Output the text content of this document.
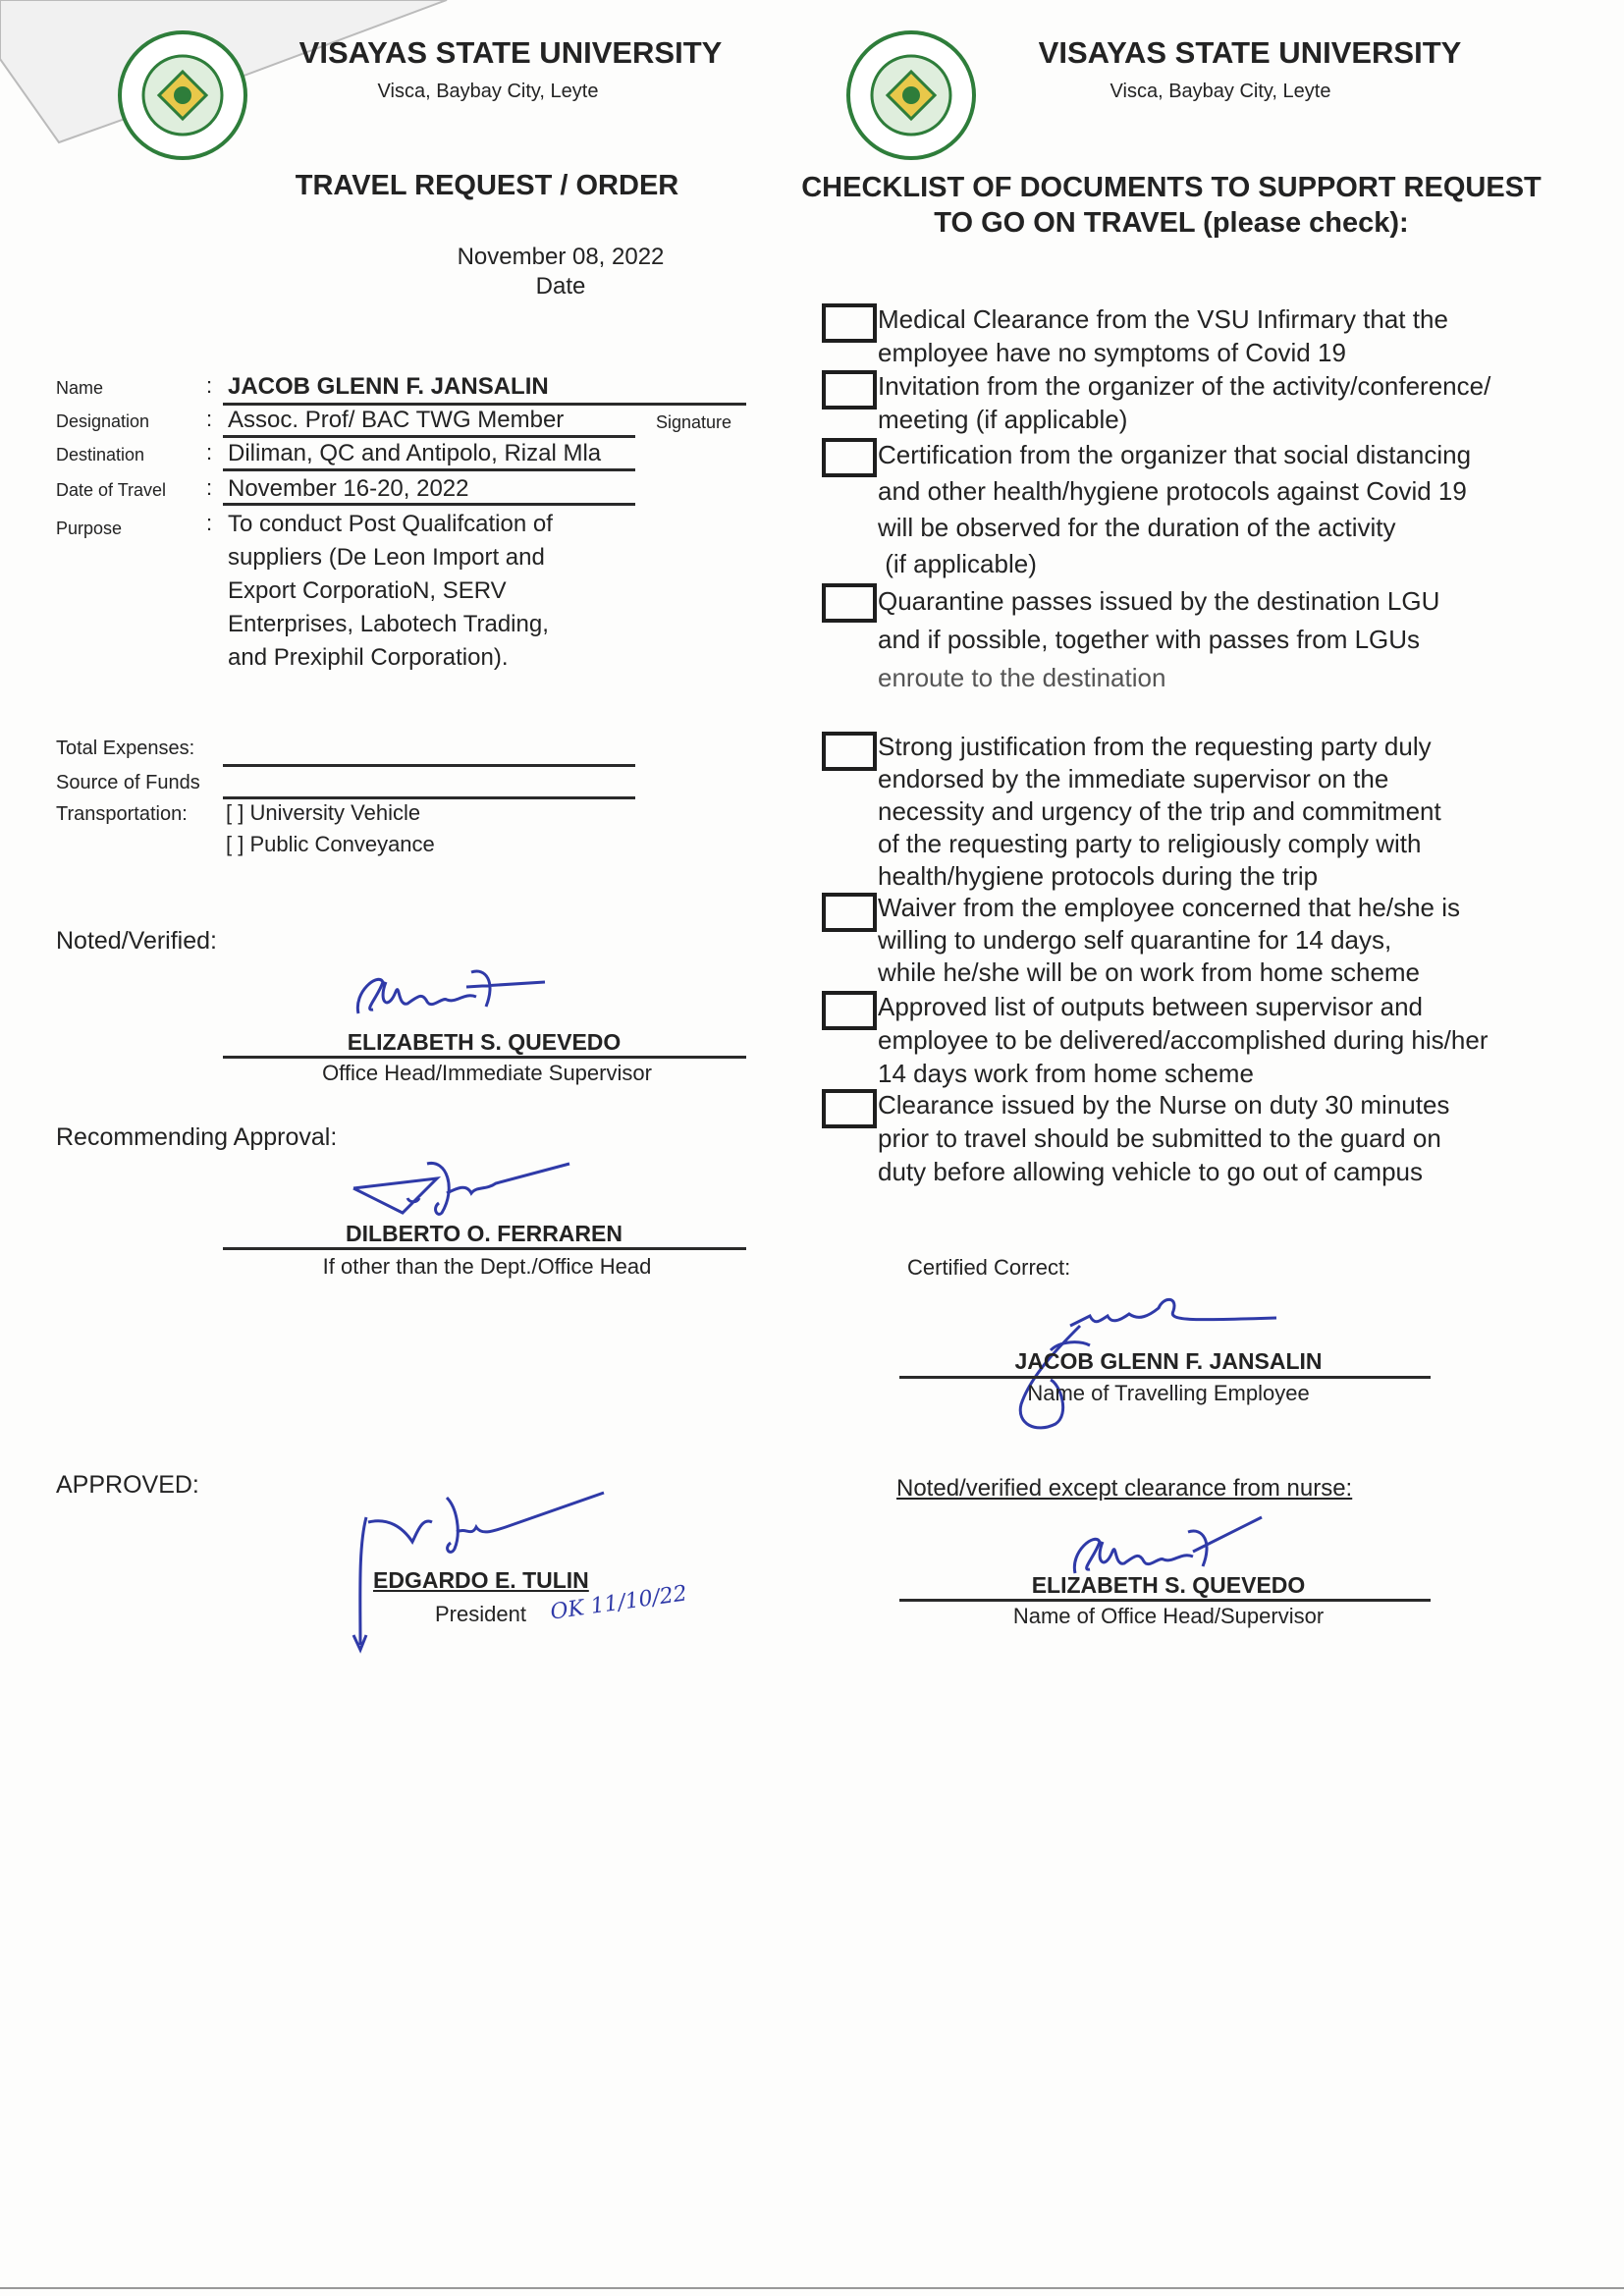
VISAYAS STATE UNIVERSITY
Visca, Baybay City, Leyte
TRAVEL REQUEST / ORDER
November 08, 2022
Date
Name	: JACOB GLENN F. JANSALIN
Designation	: Assoc. Prof/ BAC TWG Member	Signature
Destination	: Diliman, QC and Antipolo, Rizal Mla
Date of Travel : November 16-20, 2022
Purpose	: To conduct Post Qualifcation of
suppliers (De Leon Import and
Export CorporatioN, SERV
Enterprises, Labotech Trading,
and Prexiphil Corporation).
Total Expenses:
Source of Funds
Transportation: [ ] University Vehicle
[ ] Public Conveyance
Noted/Verified:
ELIZABETH S. QUEVEDO
Office Head/Immediate Supervisor
Recommending Approval:
DILBERTO O. FERRAREN
If other than the Dept./Office Head
APPROVED:
EDGARDO E. TULIN
President OK 11/10/22
VISAYAS STATE UNIVERSITY
Visca, Baybay City, Leyte
CHECKLIST OF DOCUMENTS TO SUPPORT REQUEST
TO GO ON TRAVEL (please check):
Medical Clearance from the VSU Infirmary that the
employee have no symptoms of Covid 19
Invitation from the organizer of the activity/conference/
meeting (if applicable)
Certification from the organizer that social distancing
and other health/hygiene protocols against Covid 19
will be observed for the duration of the activity
(if applicable)
Quarantine passes issued by the destination LGU
and if possible, together with passes from LGUs
enroute to the destination
Strong justification from the requesting party duly
endorsed by the immediate supervisor on the
necessity and urgency of the trip and commitment
of the requesting party to religiously comply with
health/hygiene protocols during the trip
Waiver from the employee concerned that he/she is
willing to undergo self quarantine for 14 days,
while he/she will be on work from home scheme
Approved list of outputs between supervisor and
employee to be delivered/accomplished during his/her
14 days work from home scheme
Clearance issued by the Nurse on duty 30 minutes
prior to travel should be submitted to the guard on
duty before allowing vehicle to go out of campus
Certified Correct:
JACOB GLENN F. JANSALIN
Name of Travelling Employee
Noted/verified except clearance from nurse:
ELIZABETH S. QUEVEDO
Name of Office Head/Supervisor
